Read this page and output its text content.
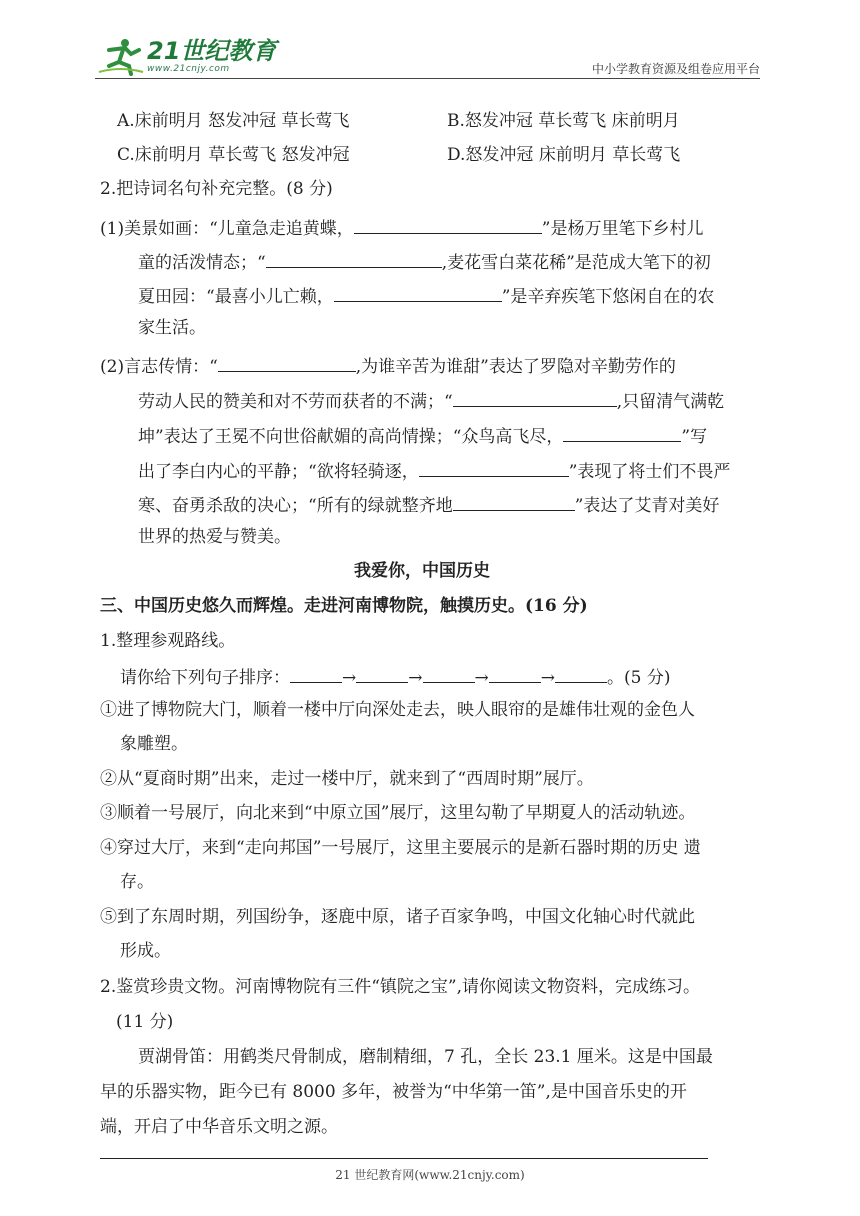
21世纪教育
www.21cnjy.com	中小学教育资源及组卷应用平台
A.床前明月 怒发冲冠 草长莺飞	B.怒发冲冠 草长莺飞 床前明月
C.床前明月 草长莺飞 怒发冲冠	D.怒发冲冠 床前明月 草长莺飞
2.把诗词名句补充完整。(8 分)
(1)美景如画：“儿童急走追黄蝶，	”是杨万里笔下乡村儿
童的活泼情态；“	,麦花雪白菜花稀”是范成大笔下的初
夏田园：“最喜小儿亡赖，	”是辛弃疾笔下悠闲自在的农
家生活。
(2)言志传情：“	,为谁辛苦为谁甜”表达了罗隐对辛勤劳作的
劳动人民的赞美和对不劳而获者的不满；“	,只留清气满乾
坤”表达了王冕不向世俗献媚的高尚情操；“众鸟高飞尽，	”写
出了李白内心的平静；“欲将轻骑逐，	”表现了将士们不畏严
寒、奋勇杀敌的决心；“所有的绿就整齐地	”表达了艾青对美好
世界的热爱与赞美。
我爱你，中国历史
三、中国历史悠久而辉煌。走进河南博物院，触摸历史。(16 分)
1.整理参观路线。
请你给下列句子排序：	→	→	→	→	。(5 分)
①进了博物院大门，顺着一楼中厅向深处走去，映人眼帘的是雄伟壮观的金色人
象雕塑。
②从“夏商时期”出来，走过一楼中厅，就来到了“西周时期”展厅。
③顺着一号展厅，向北来到“中原立国”展厅，这里勾勒了早期夏人的活动轨迹。
④穿过大厅，来到“走向邦国”一号展厅，这里主要展示的是新石器时期的历史 遗
存。
⑤到了东周时期，列国纷争，逐鹿中原，诸子百家争鸣，中国文化轴心时代就此
形成。
2.鉴赏珍贵文物。河南博物院有三件“镇院之宝”,请你阅读文物资料，完成练习。
(11 分)
贾湖骨笛：用鹤类尺骨制成，磨制精细，7 孔，全长 23.1 厘米。这是中国最
早的乐器实物，距今已有 8000 多年，被誉为“中华第一笛”,是中国音乐史的开
端，开启了中华音乐文明之源。
21 世纪教育网(www.21cnjy.com)
